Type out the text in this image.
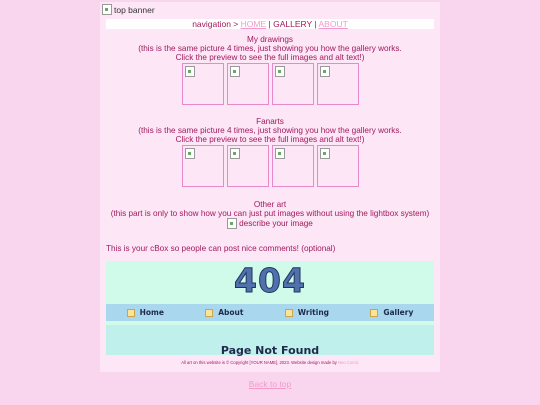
top banner
navigation > HOME | GALLERY | ABOUT
My drawings
(this is the same picture 4 times, just showing you how the gallery works.
Click the preview to see the full images and alt text!)
Fanarts
(this is the same picture 4 times, just showing you how the gallery works.
Click the preview to see the full images and alt text!)
Other art
(this part is only to show how you can just put images without using the lightbox system)
describe your image
This is your cBox so people can post nice comments! (optional)
404
Home	About	Writing	Gallery
Page Not Found
All art on this website is © Copyright [YOUR NAME], 2023. Website design made by Neo Comic
Back to top
